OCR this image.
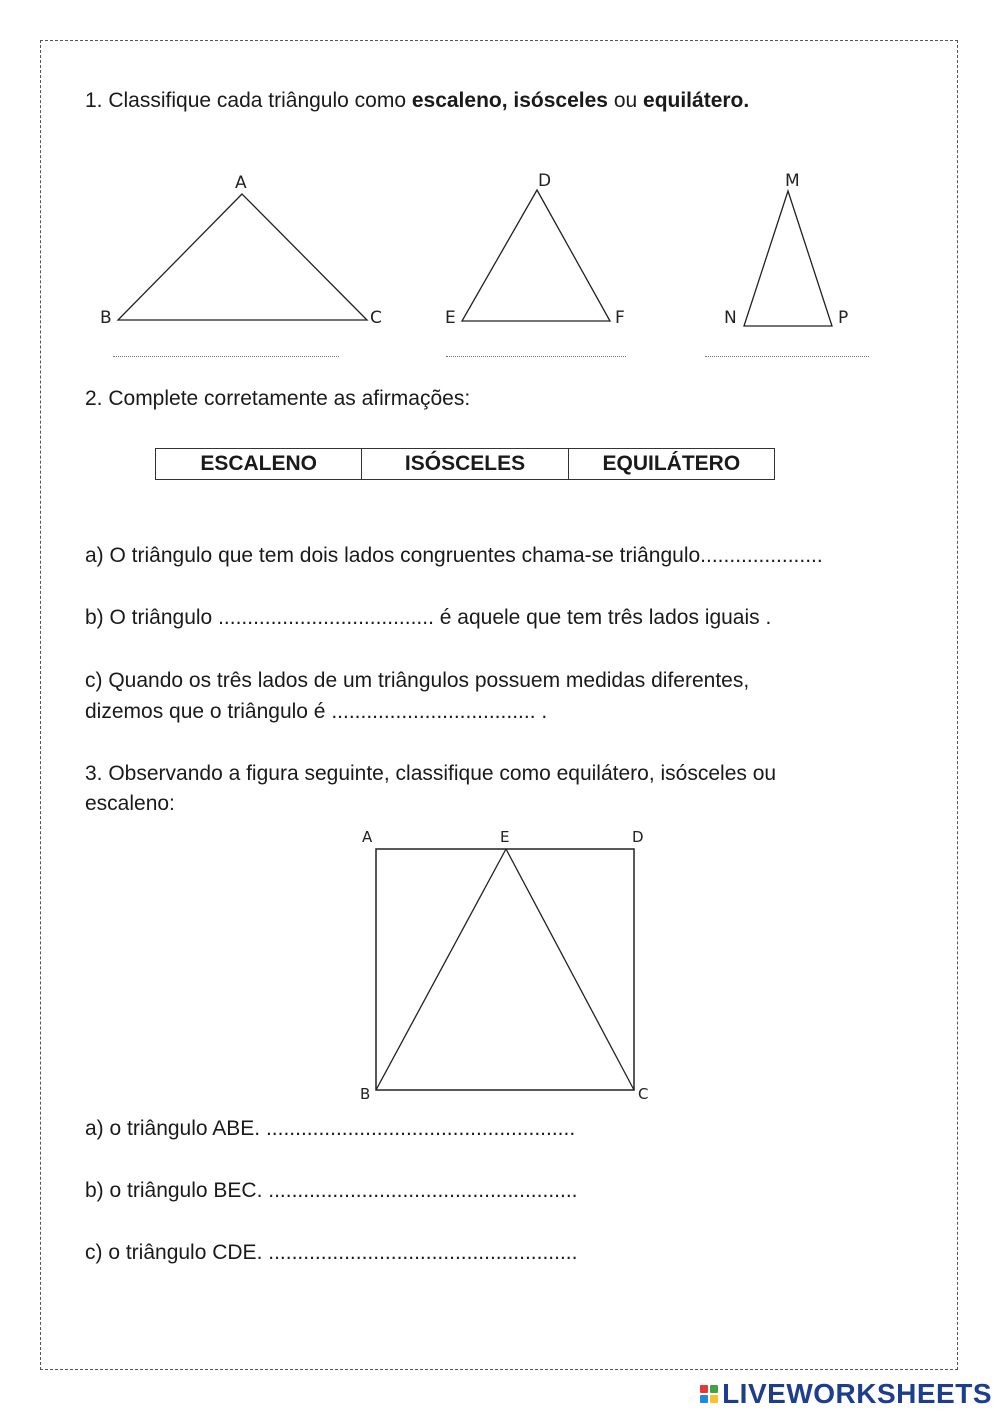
1. Classifique cada triângulo como escaleno, isósceles ou equilátero.
A
B	C
D
E	F
M
N	P
2. Complete corretamente as afirmações:
ESCALENO	ISÓSCELES	EQUILÁTERO
a) O triângulo que tem dois lados congruentes chama-se triângulo.....................
b) O triângulo ..................................... é aquele que tem três lados iguais .
c) Quando os três lados de um triângulos possuem medidas diferentes,
dizemos que o triângulo é ................................... .
3. Observando a figura seguinte, classifique como equilátero, isósceles ou
escaleno:
A	E	D
B	C
a) o triângulo ABE. .....................................................
b) o triângulo BEC. .....................................................
c) o triângulo CDE. .....................................................
LIVEWORKSHEETS
